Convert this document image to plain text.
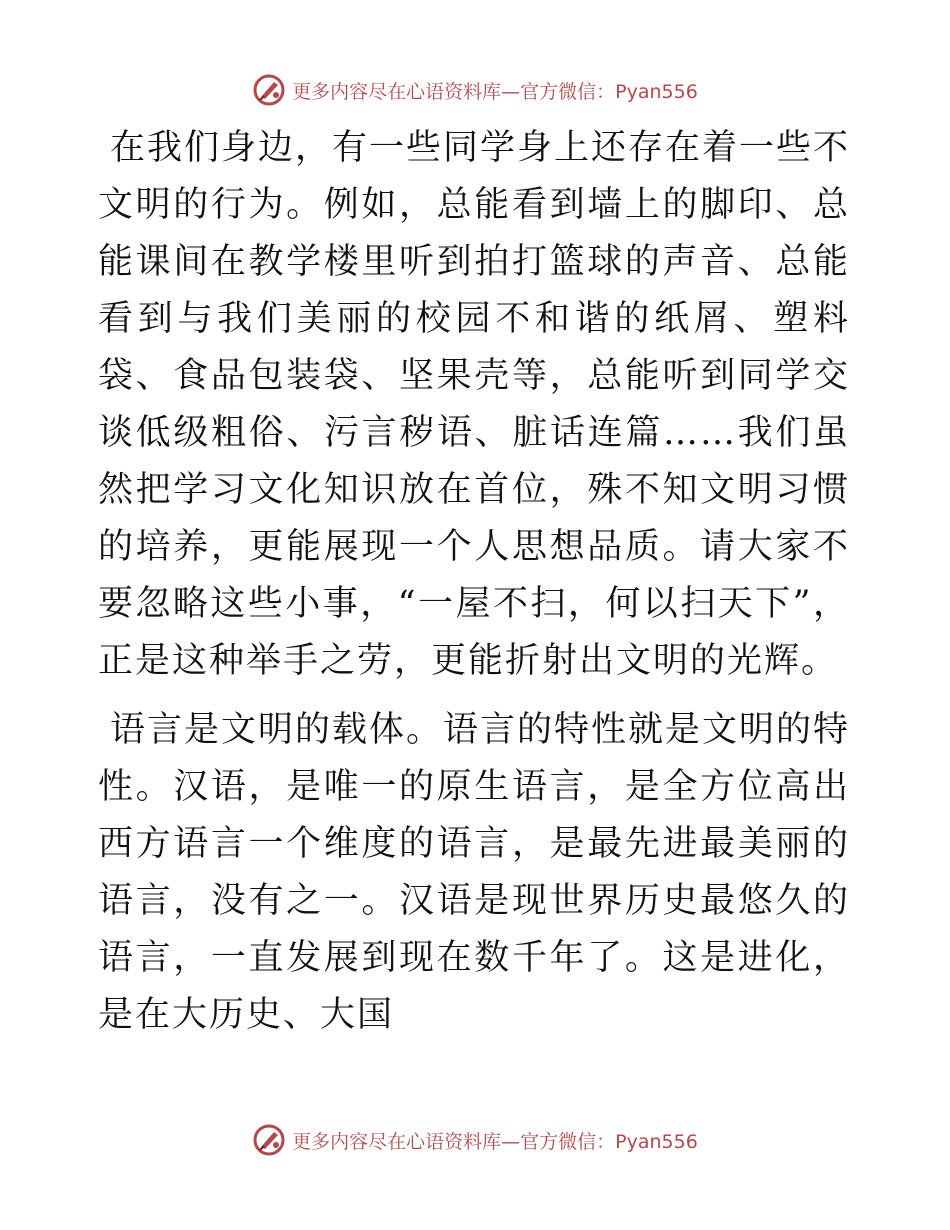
更多内容尽在心语资料库—官方微信：Pyan556

在我们身边，有一些同学身上还存在着一些不文明的行为。例如，总能看到墙上的脚印、总能课间在教学楼里听到拍打篮球的声音、总能看到与我们美丽的校园不和谐的纸屑、塑料袋、食品包装袋、坚果壳等，总能听到同学交谈低级粗俗、污言秽语、脏话连篇……我们虽然把学习文化知识放在首位，殊不知文明习惯的培养，更能展现一个人思想品质。请大家不要忽略这些小事，“一屋不扫，何以扫天下”，正是这种举手之劳，更能折射出文明的光辉。

语言是文明的载体。语言的特性就是文明的特性。汉语，是唯一的原生语言，是全方位高出西方语言一个维度的语言，是最先进最美丽的语言，没有之一。汉语是现世界历史最悠久的语言，一直发展到现在数千年了。这是进化，是在大历史、大国

更多内容尽在心语资料库—官方微信：Pyan556
